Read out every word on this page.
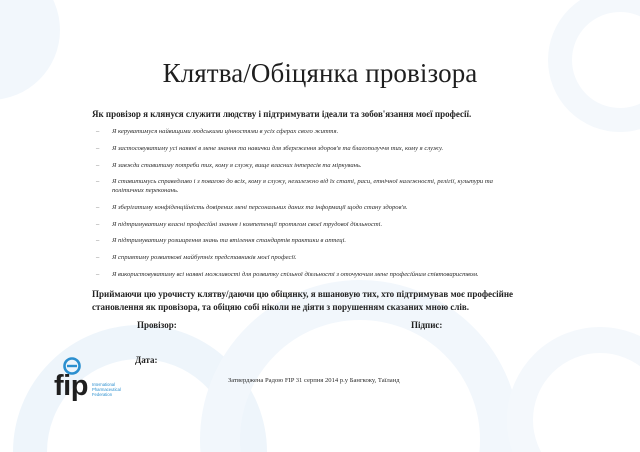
Клятва/Обіцянка провізора
Як провізор я клянуся служити людству і підтримувати ідеали та зобов'язання моєї професії.
– Я керуватимуся найвищими людськими цінностями в усіх сферах свого життя.
– Я застосовуватиму усі наявні в мене знання та навички для збереження здоров'я та благополуччя тих, кому я служу.
– Я завжди ставитиму потреби тих, кому я служу, вище власних інтересів та міркувань.
– Я ставитимусь справедливо і з повагою до всіх, кому я служу, незалежно від їх статі, раси, етнічної належності, релігії, культури та політичних переконань.
– Я зберігатиму конфіденційність довірених мені персональних даних та інформації щодо стану здоров'я.
– Я підтримуватиму власні професійні знання і компетенції протягом своєї трудової діяльності.
– Я підтримуватиму розширення знань та втілення стандартів практики в аптеці.
– Я сприятиму розвиткові майбутніх представників моєї професії.
– Я використовуватиму всі наявні можливості для розвитку спільної діяльності з оточуючим мене професійним співтовариством.
Приймаючи цю урочисту клятву/даючи цю обіцянку, я вшановую тих, хто підтримував моє професійне становлення як провізора, та обіцяю собі ніколи не діяти з порушенням сказаних мною слів.
Провізор:	Підпис:
Дата:
Затверджена Радою FIP 31 серпня 2014 р.у Бангкоку, Таїланд
fip International
Pharmaceutical
Federation
